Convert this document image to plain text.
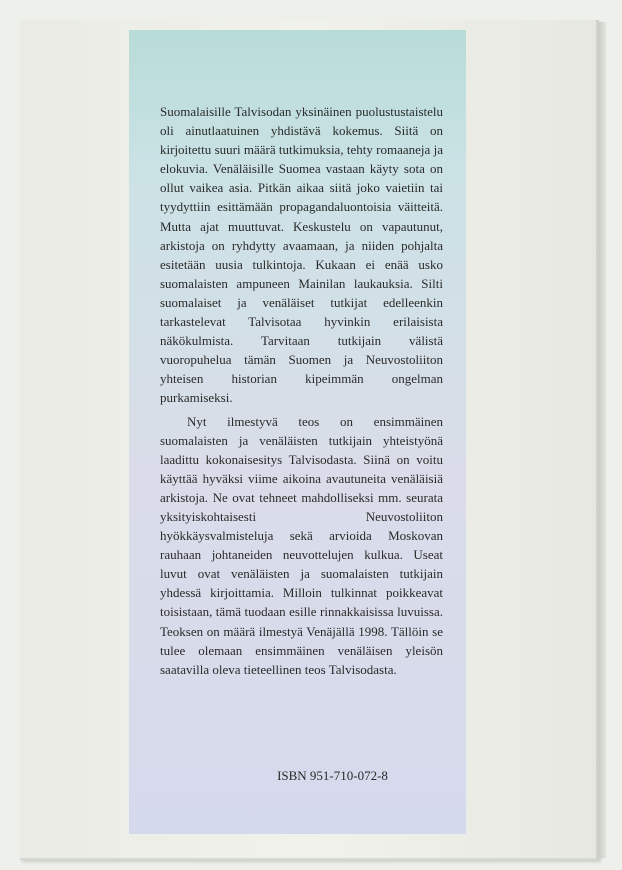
Suomalaisille Talvisodan yksinäinen puolustustaistelu oli ainutlaatuinen yhdistävä kokemus. Siitä on kirjoitettu suuri määrä tutkimuksia, tehty romaaneja ja elokuvia. Venäläisille Suomea vastaan käyty sota on ollut vaikea asia. Pitkän aikaa siitä joko vaietiin tai tyydyttiin esittämään propagandaluontoisia väitteitä. Mutta ajat muuttuvat. Keskustelu on vapautunut, arkistoja on ryhdytty avaamaan, ja niiden pohjalta esitetään uusia tulkintoja. Kukaan ei enää usko suomalaisten ampuneen Mainilan laukauksia. Silti suomalaiset ja venäläiset tutkijat edelleenkin tarkastelevat Talvisotaa hyvinkin erilaisista näkökulmista. Tarvitaan tutkijain välistä vuoropuhelua tämän Suomen ja Neuvostoliiton yhteisen historian kipeimmän ongelman purkamiseksi.

Nyt ilmestyvä teos on ensimmäinen suomalaisten ja venäläisten tutkijain yhteistyönä laadittu kokonaisesitys Talvisodasta. Siinä on voitu käyttää hyväksi viime aikoina avautuneita venäläisiä arkistoja. Ne ovat tehneet mahdolliseksi mm. seurata yksityiskohtaisesti Neuvostoliiton hyökkäysvalmisteluja sekä arvioida Moskovan rauhaan johtaneiden neuvottelujen kulkua. Useat luvut ovat venäläisten ja suomalaisten tutkijain yhdessä kirjoittamia. Milloin tulkinnat poikkeavat toisistaan, tämä tuodaan esille rinnakkaisissa luvuissa. Teoksen on määrä ilmestyä Venäjällä 1998. Tällöin se tulee olemaan ensimmäinen venäläisen yleisön saatavilla oleva tieteellinen teos Talvisodasta.

ISBN 951-710-072-8
